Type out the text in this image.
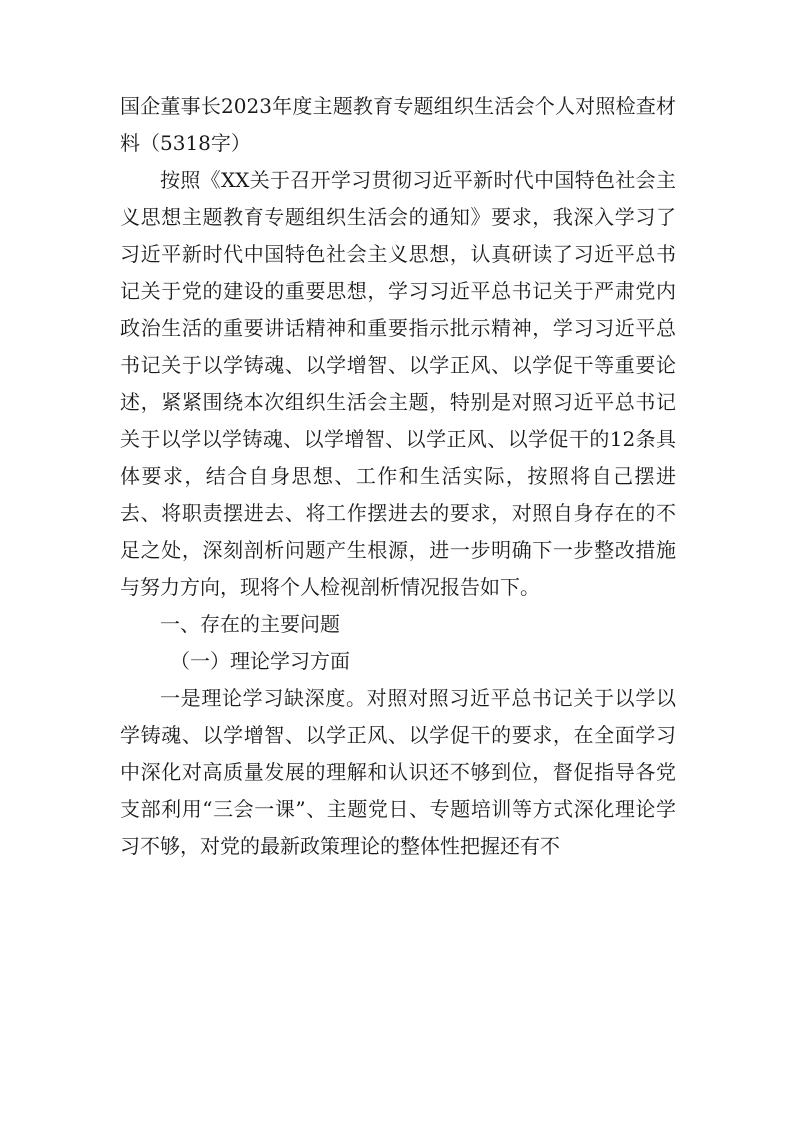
国企董事长2023年度主题教育专题组织生活会个人对照检查材料（5318字）

按照《XX关于召开学习贯彻习近平新时代中国特色社会主义思想主题教育专题组织生活会的通知》要求，我深入学习了习近平新时代中国特色社会主义思想，认真研读了习近平总书记关于党的建设的重要思想，学习习近平总书记关于严肃党内政治生活的重要讲话精神和重要指示批示精神，学习习近平总书记关于以学铸魂、以学增智、以学正风、以学促干等重要论述，紧紧围绕本次组织生活会主题，特别是对照习近平总书记关于以学以学铸魂、以学增智、以学正风、以学促干的12条具体要求，结合自身思想、工作和生活实际，按照将自己摆进去、将职责摆进去、将工作摆进去的要求，对照自身存在的不足之处，深刻剖析问题产生根源，进一步明确下一步整改措施与努力方向，现将个人检视剖析情况报告如下。

一、存在的主要问题

（一）理论学习方面

一是理论学习缺深度。对照对照习近平总书记关于以学以学铸魂、以学增智、以学正风、以学促干的要求，在全面学习中深化对高质量发展的理解和认识还不够到位，督促指导各党支部利用“三会一课”、主题党日、专题培训等方式深化理论学习不够，对党的最新政策理论的整体性把握还有不
